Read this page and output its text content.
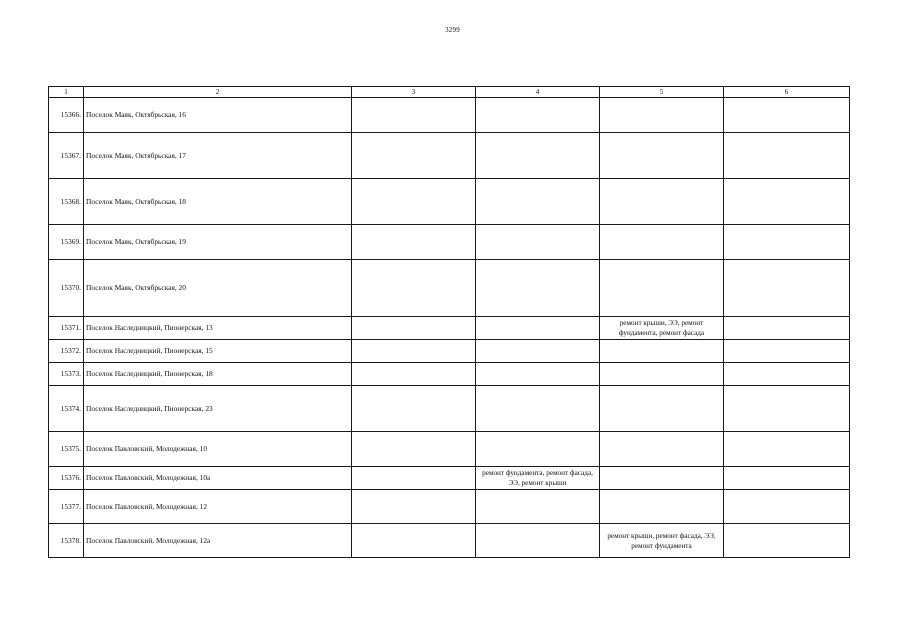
3299
1	2	3	4	5	6
15366.	Поселок Маяк, Октябрьская, 16				
15367.	Поселок Маяк, Октябрьская, 17				
15368.	Поселок Маяк, Октябрьская, 18				
15369.	Поселок Маяк, Октябрьская, 19				
15370.	Поселок Маяк, Октябрьская, 20				
15371.	Поселок Наследницкий, Пионерская, 13			ремонт крыши, ЭЭ, ремонт фундамента, ремонт фасада	
15372.	Поселок Наследницкий, Пионерская, 15				
15373.	Поселок Наследницкий, Пионерская, 18				
15374.	Поселок Наследницкий, Пионерская, 23				
15375.	Поселок Павловский, Молодежная, 10				
15376.	Поселок Павловский, Молодежная, 10а		ремонт фундамента, ремонт фасада, ЭЭ, ремонт крыши		
15377.	Поселок Павловский, Молодежная, 12				
15378.	Поселок Павловский, Молодежная, 12а			ремонт крыши, ремонт фасада, ЭЭ, ремонт фундамента	
